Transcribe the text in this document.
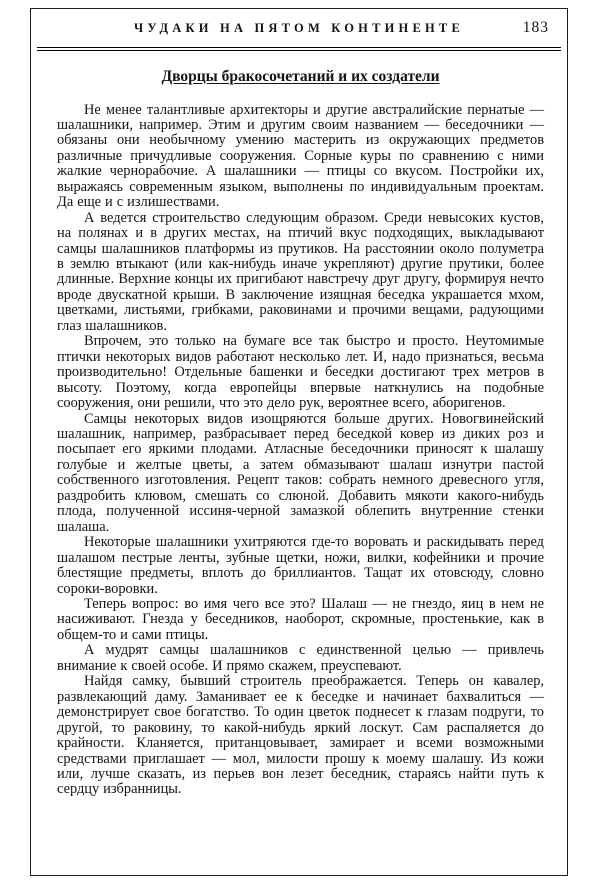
ЧУДАКИ НА ПЯТОМ КОНТИНЕНТЕ	183
Дворцы бракосочетаний и их создатели

Не менее талантливые архитекторы и другие австралийские пернатые — шалашники, например. Этим и другим своим названием — беседочники — обязаны они необычному умению мастерить из окружающих предметов различные причудливые сооружения. Сорные куры по сравнению с ними жалкие чернорабочие. А шалашники — птицы со вкусом. Постройки их, выражаясь современным языком, выполнены по индивидуальным проектам. Да еще и с излишествами.

А ведется строительство следующим образом. Среди невысоких кустов, на полянах и в других местах, на птичий вкус подходящих, выкладывают самцы шалашников платформы из прутиков. На расстоянии около полуметра в землю втыкают (или как-нибудь иначе укрепляют) другие прутики, более длинные. Верхние концы их пригибают навстречу друг другу, формируя нечто вроде двускатной крыши. В заключение изящная беседка украшается мхом, цветками, листьями, грибками, раковинами и прочими вещами, радующими глаз шалашников.

Впрочем, это только на бумаге все так быстро и просто. Неутомимые птички некоторых видов работают несколько лет. И, надо признаться, весьма производительно! Отдельные башенки и беседки достигают трех метров в высоту. Поэтому, когда европейцы впервые наткнулись на подобные сооружения, они решили, что это дело рук, вероятнее всего, аборигенов.

Самцы некоторых видов изощряются больше других. Новогвинейский шалашник, например, разбрасывает перед беседкой ковер из диких роз и посыпает его яркими плодами. Атласные беседочники приносят к шалашу голубые и желтые цветы, а затем обмазывают шалаш изнутри пастой собственного изготовления. Рецепт таков: собрать немного древесного угля, раздробить клювом, смешать со слюной. Добавить мякоти какого-нибудь плода, полученной иссиня-черной замазкой облепить внутренние стенки шалаша.

Некоторые шалашники ухитряются где-то воровать и раскидывать перед шалашом пестрые ленты, зубные щетки, ножи, вилки, кофейники и прочие блестящие предметы, вплоть до бриллиантов. Тащат их отовсюду, словно сороки-воровки.

Теперь вопрос: во имя чего все это? Шалаш — не гнездо, яиц в нем не насиживают. Гнезда у беседников, наоборот, скромные, простенькие, как в общем-то и сами птицы.

А мудрят самцы шалашников с единственной целью — привлечь внимание к своей особе. И прямо скажем, преуспевают.

Найдя самку, бывший строитель преображается. Теперь он кавалер, развлекающий даму. Заманивает ее к беседке и начинает бахвалиться — демонстрирует свое богатство. То один цветок поднесет к глазам подруги, то другой, то раковину, то какой-нибудь яркий лоскут. Сам распаляется до крайности. Кланяется, пританцовывает, замирает и всеми возможными средствами приглашает — мол, милости прошу к моему шалашу. Из кожи или, лучше сказать, из перьев вон лезет беседник, стараясь найти путь к сердцу избранницы.
